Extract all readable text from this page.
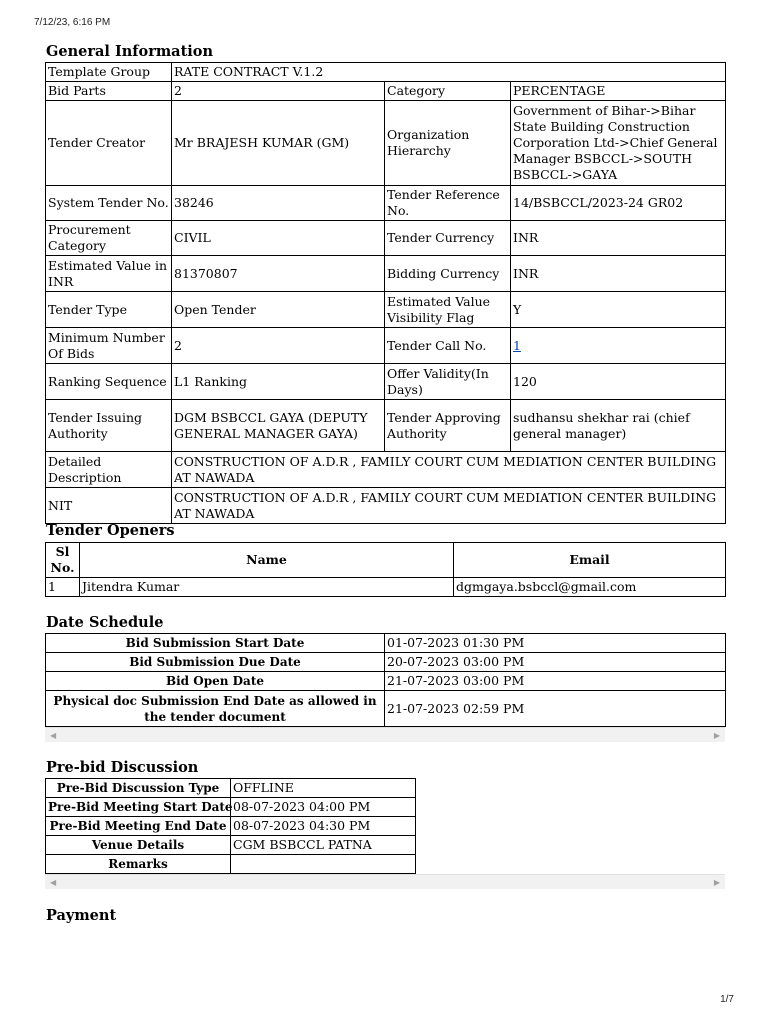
7/12/23, 6:16 PM
General Information
Template Group	RATE CONTRACT V.1.2		
Bid Parts	2	Category	PERCENTAGE
Tender Creator	Mr BRAJESH KUMAR (GM)	Organization Hierarchy	Government of Bihar->Bihar State Building Construction Corporation Ltd->Chief General Manager BSBCCL->SOUTH BSBCCL->GAYA
System Tender No.	38246	Tender Reference No.	14/BSBCCL/2023-24 GR02
Procurement Category	CIVIL	Tender Currency	INR
Estimated Value in INR	81370807	Bidding Currency	INR
Tender Type	Open Tender	Estimated Value Visibility Flag	Y
Minimum Number Of Bids	2	Tender Call No.	1
Ranking Sequence	L1 Ranking	Offer Validity(In Days)	120
Tender Issuing Authority	DGM BSBCCL GAYA (DEPUTY GENERAL MANAGER GAYA)	Tender Approving Authority	sudhansu shekhar rai (chief general manager)
Detailed Description	CONSTRUCTION OF A.D.R , FAMILY COURT CUM MEDIATION CENTER BUILDING AT NAWADA		
NIT	CONSTRUCTION OF A.D.R , FAMILY COURT CUM MEDIATION CENTER BUILDING AT NAWADA		
Tender Openers
Sl No.	Name	Email
1	Jitendra Kumar	dgmgaya.bsbccl@gmail.com
Date Schedule
Bid Submission Start Date	01-07-2023 01:30 PM
Bid Submission Due Date	20-07-2023 03:00 PM
Bid Open Date	21-07-2023 03:00 PM
Physical doc Submission End Date as allowed in the tender document	21-07-2023 02:59 PM
◀	▶
Pre-bid Discussion
Pre-Bid Discussion Type	OFFLINE
Pre-Bid Meeting Start Date	08-07-2023 04:00 PM
Pre-Bid Meeting End Date	08-07-2023 04:30 PM
Venue Details	CGM BSBCCL PATNA
Remarks	
◀	▶
Payment
1/7
